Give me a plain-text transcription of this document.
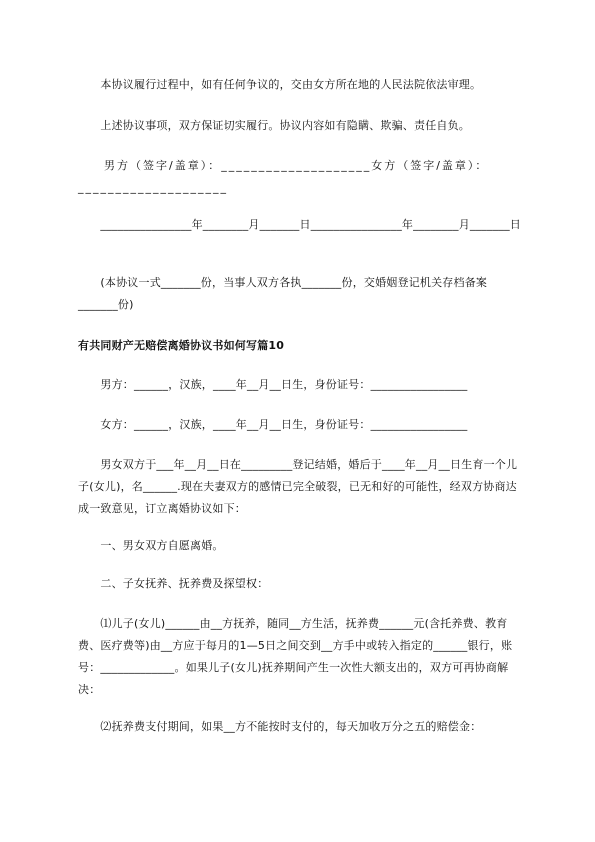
　　本协议履行过程中，如有任何争议的，交由女方所在地的人民法院依法审理。

　　上述协议事项，双方保证切实履行。协议内容如有隐瞒、欺骗、责任自负。

　　男方（签字/盖章）：____________________女方（签字/盖章）：____________________

　　________________年________月_______日________________年________月_______日

　　(本协议一式_______份，当事人双方各执_______份，交婚姻登记机关存档备案_______份)

有共同财产无赔偿离婚协议书如何写篇10

　　男方：______，汉族，____年__月__日生，身份证号：_________________

　　女方：______，汉族，____年__月__日生，身份证号：_________________

　　男女双方于___年__月__日在_________登记结婚，婚后于____年__月__日生育一个儿子(女儿)，名______.现在夫妻双方的感情已完全破裂，已无和好的可能性，经双方协商达成一致意见，订立离婚协议如下：

　　一、男女双方自愿离婚。

　　二、子女抚养、抚养费及探望权：

　　⑴儿子(女儿)______由__方抚养，随同__方生活，抚养费______元(含托养费、教育费、医疗费等)由__方应于每月的1—5日之间交到__方手中或转入指定的______银行，账号：_____________。如果儿子(女儿)抚养期间产生一次性大额支出的，双方可再协商解决：

　　⑵抚养费支付期间，如果__方不能按时支付的，每天加收万分之五的赔偿金：
